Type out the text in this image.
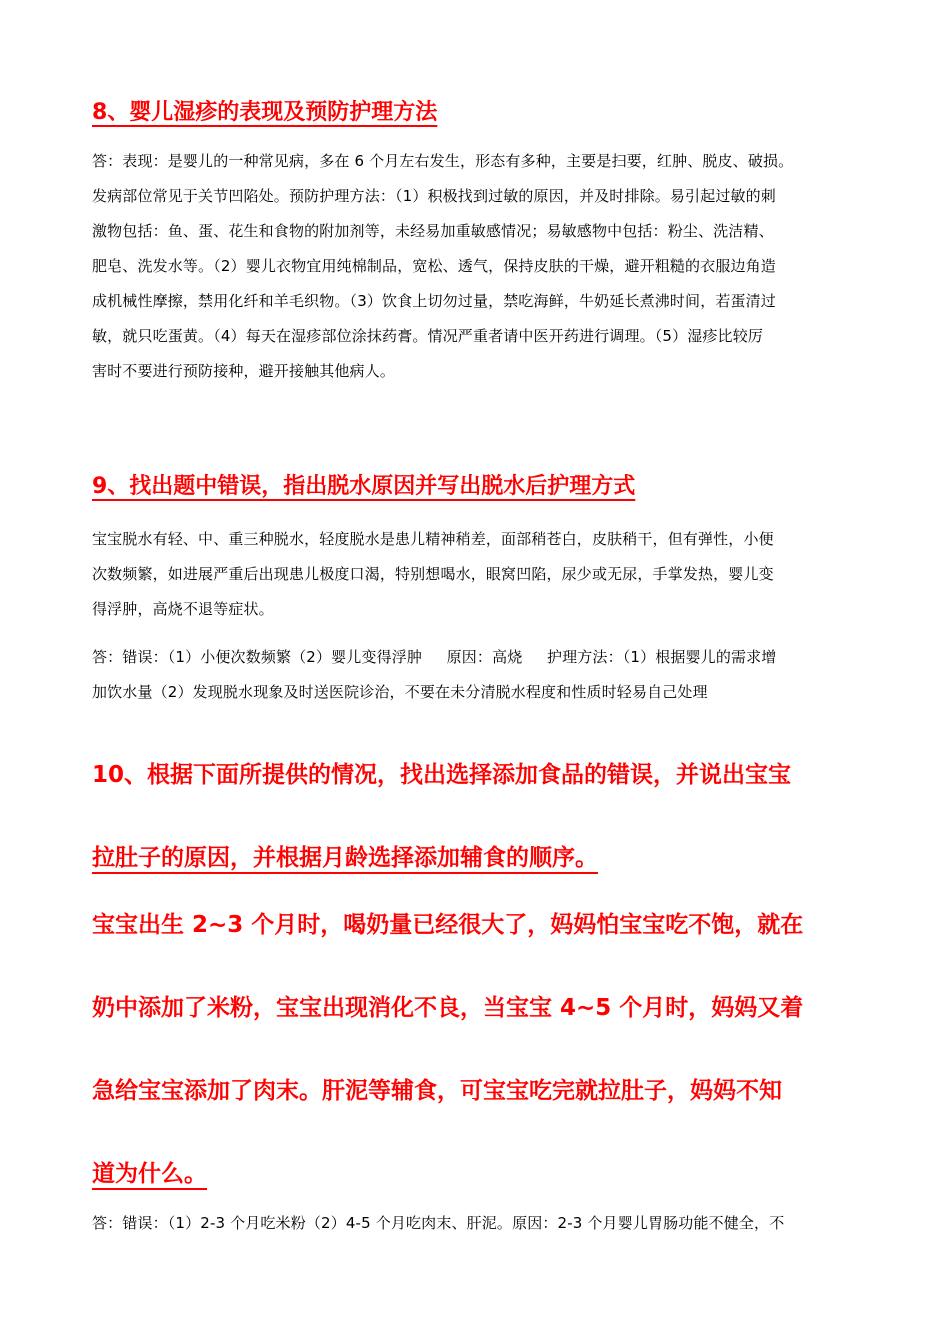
8、婴儿湿疹的表现及预防护理方法
答：表现：是婴儿的一种常见病，多在 6 个月左右发生，形态有多种，主要是扫要，红肿、脱皮、破损。
发病部位常见于关节凹陷处。预防护理方法：（1）积极找到过敏的原因，并及时排除。易引起过敏的刺
激物包括：鱼、蛋、花生和食物的附加剂等，未经易加重敏感情况；易敏感物中包括：粉尘、洗洁精、
肥皂、洗发水等。（2）婴儿衣物宜用纯棉制品，宽松、透气，保持皮肤的干燥，避开粗糙的衣服边角造
成机械性摩擦，禁用化纤和羊毛织物。（3）饮食上切勿过量，禁吃海鲜，牛奶延长煮沸时间，若蛋清过
敏，就只吃蛋黄。（4）每天在湿疹部位涂抹药膏。情况严重者请中医开药进行调理。（5）湿疹比较厉
害时不要进行预防接种，避开接触其他病人。
9、找出题中错误，指出脱水原因并写出脱水后护理方式
宝宝脱水有轻、中、重三种脱水，轻度脱水是患儿精神稍差，面部稍苍白，皮肤稍干，但有弹性，小便
次数频繁，如进展严重后出现患儿极度口渴，特别想喝水，眼窝凹陷，尿少或无尿，手掌发热，婴儿变
得浮肿，高烧不退等症状。
答：错误：（1）小便次数频繁（2）婴儿变得浮肿     原因：高烧     护理方法：（1）根据婴儿的需求增
加饮水量（2）发现脱水现象及时送医院诊治，不要在未分清脱水程度和性质时轻易自己处理
10、根据下面所提供的情况，找出选择添加食品的错误，并说出宝宝
拉肚子的原因，并根据月龄选择添加辅食的顺序。
宝宝出生 2~3 个月时，喝奶量已经很大了，妈妈怕宝宝吃不饱，就在
奶中添加了米粉，宝宝出现消化不良，当宝宝 4~5 个月时，妈妈又着
急给宝宝添加了肉末。肝泥等辅食，可宝宝吃完就拉肚子，妈妈不知
道为什么。
答：错误：（1）2-3 个月吃米粉（2）4-5 个月吃肉末、肝泥。原因：2-3 个月婴儿胃肠功能不健全，不
